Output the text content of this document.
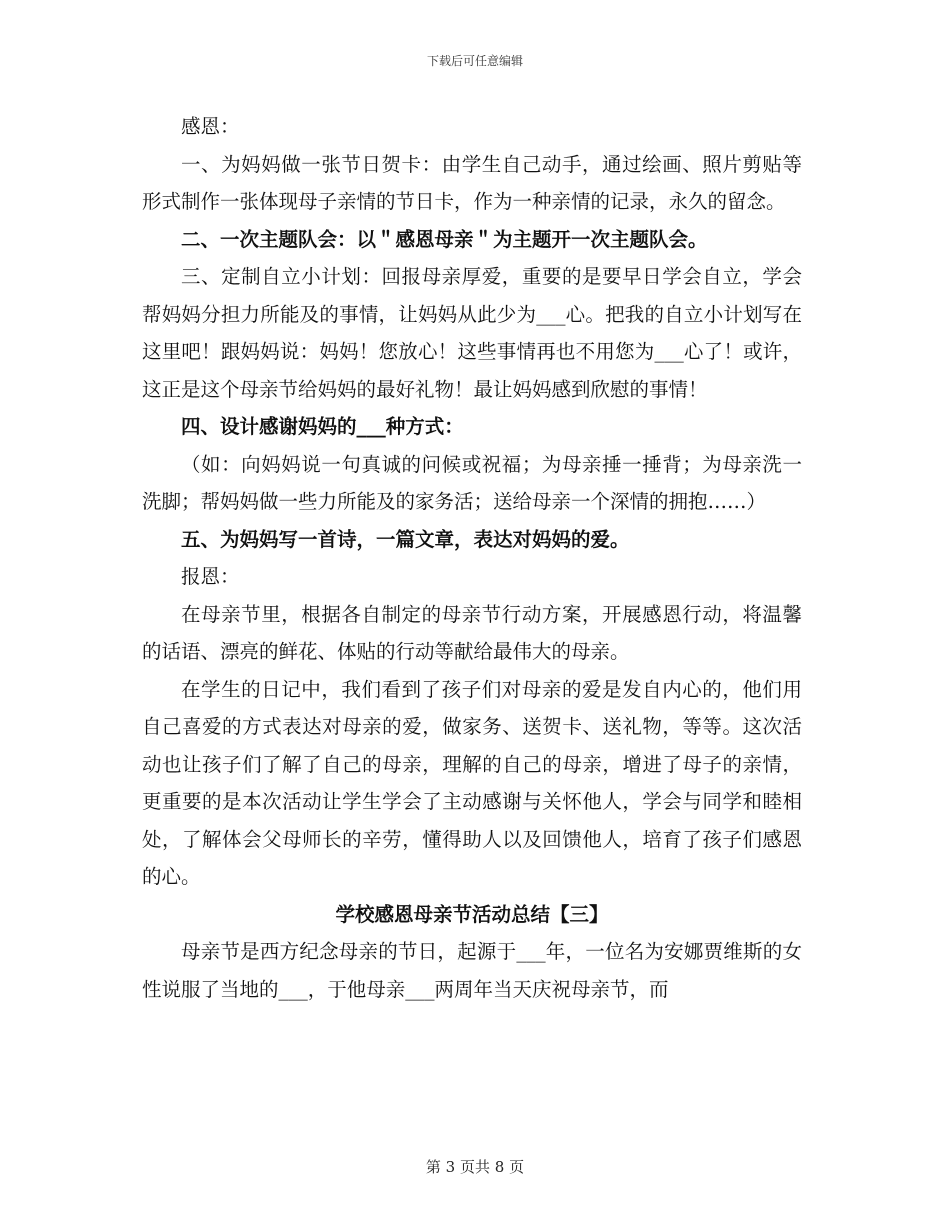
下载后可任意编辑

感恩：

一、为妈妈做一张节日贺卡：由学生自己动手，通过绘画、照片剪贴等形式制作一张体现母子亲情的节日卡，作为一种亲情的记录，永久的留念。

二、一次主题队会：以＂感恩母亲＂为主题开一次主题队会。

三、定制自立小计划：回报母亲厚爱，重要的是要早日学会自立，学会帮妈妈分担力所能及的事情，让妈妈从此少为___心。把我的自立小计划写在这里吧！跟妈妈说：妈妈！您放心！这些事情再也不用您为___心了！或许，这正是这个母亲节给妈妈的最好礼物！最让妈妈感到欣慰的事情！

四、设计感谢妈妈的___种方式：

（如：向妈妈说一句真诚的问候或祝福；为母亲捶一捶背；为母亲洗一洗脚；帮妈妈做一些力所能及的家务活；送给母亲一个深情的拥抱……）

五、为妈妈写一首诗，一篇文章，表达对妈妈的爱。

报恩：

在母亲节里，根据各自制定的母亲节行动方案，开展感恩行动，将温馨的话语、漂亮的鲜花、体贴的行动等献给最伟大的母亲。

在学生的日记中，我们看到了孩子们对母亲的爱是发自内心的，他们用自己喜爱的方式表达对母亲的爱，做家务、送贺卡、送礼物，等等。这次活动也让孩子们了解了自己的母亲，理解的自己的母亲，增进了母子的亲情，更重要的是本次活动让学生学会了主动感谢与关怀他人，学会与同学和睦相处，了解体会父母师长的辛劳，懂得助人以及回馈他人，培育了孩子们感恩的心。

学校感恩母亲节活动总结【三】

母亲节是西方纪念母亲的节日，起源于___年，一位名为安娜贾维斯的女性说服了当地的___，于他母亲___两周年当天庆祝母亲节，而

第 3 页共 8 页
